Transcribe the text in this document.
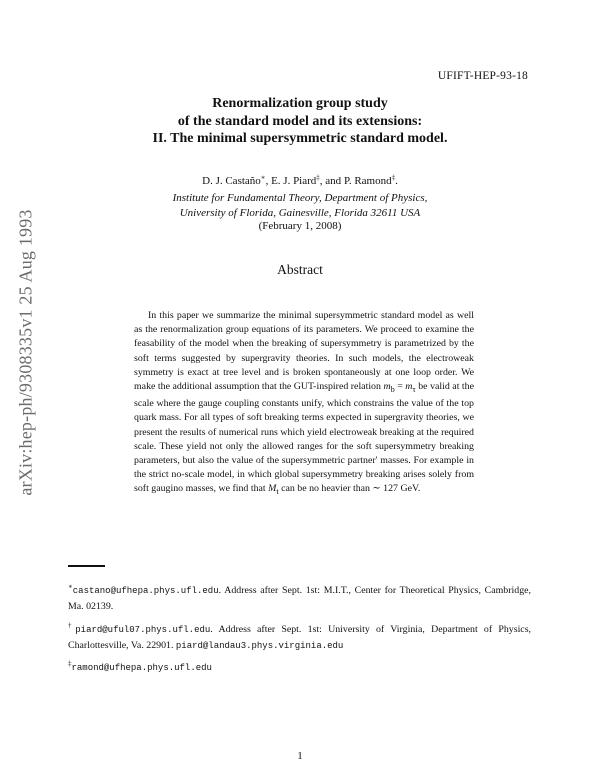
UFIFT-HEP-93-18
Renormalization group study
of the standard model and its extensions:
II. The minimal supersymmetric standard model.
D. J. Castaño∗, E. J. Piard‡, and P. Ramond‡.
Institute for Fundamental Theory, Department of Physics,
University of Florida, Gainesville, Florida 32611 USA
(February 1, 2008)
arXiv:hep-ph/9308335v1 25 Aug 1993	Abstract
In this paper we summarize the minimal supersymmetric standard model as well as the renormalization group equations of its parameters. We proceed to examine the feasability of the model when the breaking of supersymmetry is parametrized by the soft terms suggested by supergravity theories. In such models, the electroweak symmetry is exact at tree level and is broken spontaneously at one loop order. We make the additional assumption that the GUT-inspired relation $m_b = m_\tau$ be valid at the scale where the gauge coupling constants unify, which constrains the value of the top quark mass. For all types of soft breaking terms expected in supergravity theories, we present the results of numerical runs which yield electroweak breaking at the required scale. These yield not only the allowed ranges for the soft supersymmetry breaking parameters, but also the value of the supersymmetric partner' masses. For example in the strict no-scale model, in which global supersymmetry breaking arises solely from soft gaugino masses, we find that $M_t$ can be no heavier than ∼ 127 GeV.
∗castano@ufhepa.phys.ufl.edu. Address after Sept. 1st: M.I.T., Center for Theoretical Physics, Cambridge, Ma. 02139.
†piard@uful07.phys.ufl.edu. Address after Sept. 1st: University of Virginia, Department of Physics, Charlottesville, Va. 22901. piard@landau3.phys.virginia.edu
‡ramond@ufhepa.phys.ufl.edu
1
